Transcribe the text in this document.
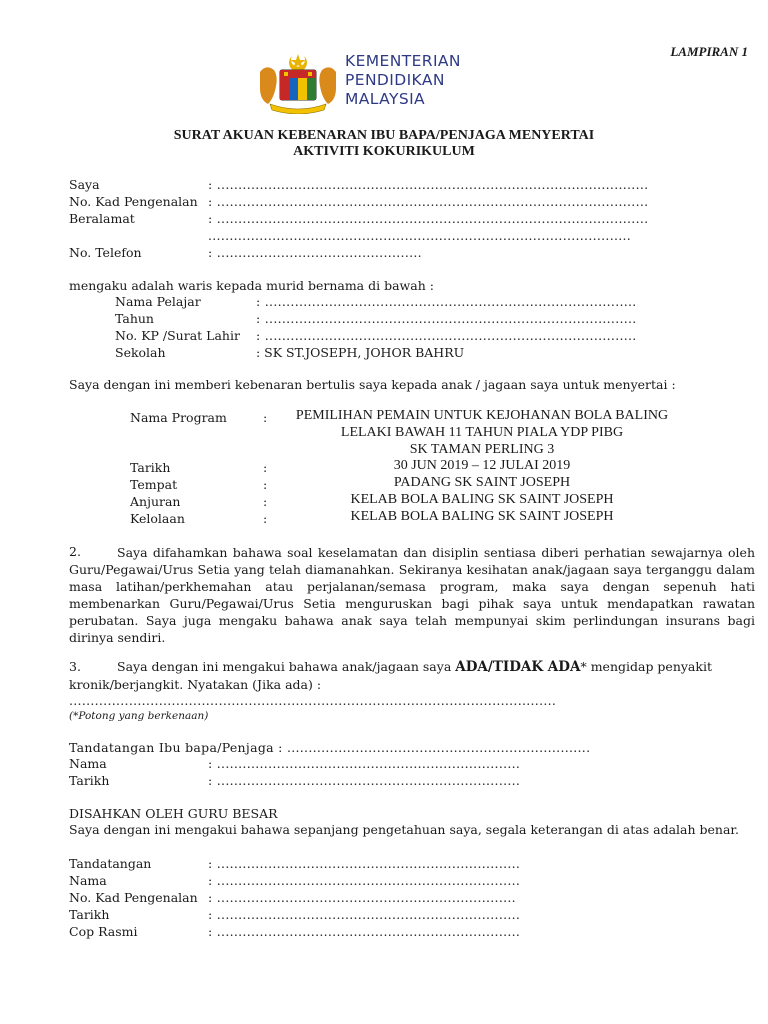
LAMPIRAN 1
KEMENTERIAN
PENDIDIKAN
MALAYSIA
SURAT AKUAN KEBENARAN IBU BAPA/PENJAGA MENYERTAI
AKTIVITI KOKURIKULUM
Saya	: .....................................................................................................
No. Kad Pengenalan : .....................................................................................................
Beralamat	: .....................................................................................................
...................................................................................................
No. Telefon	: ................................................
mengaku adalah waris kepada murid bernama di bawah :
Nama Pelajar	: .......................................................................................
Tahun	: .......................................................................................
No. KP /Surat Lahir : .......................................................................................
Sekolah	: SK ST.JOSEPH, JOHOR BAHRU
Saya dengan ini memberi kebenaran bertulis saya kepada anak / jagaan saya untuk menyertai :
Nama Program	:	PEMILIHAN PEMAIN UNTUK KEJOHANAN BOLA BALING
LELAKI BAWAH 11 TAHUN PIALA YDP PIBG
SK TAMAN PERLING 3
Tarikh	:	30 JUN 2019 – 12 JULAI 2019
Tempat	:	PADANG SK SAINT JOSEPH
Anjuran	:	KELAB BOLA BALING SK SAINT JOSEPH
Kelolaan	:	KELAB BOLA BALING SK SAINT JOSEPH
2.	Saya difahamkan bahawa soal keselamatan dan disiplin sentiasa diberi perhatian sewajarnya oleh Guru/Pegawai/Urus Setia yang telah diamanahkan. Sekiranya kesihatan anak/jagaan saya terganggu dalam masa latihan/perkhemahan atau perjalanan/semasa program, maka saya dengan sepenuh hati membenarkan Guru/Pegawai/Urus Setia menguruskan bagi pihak saya untuk mendapatkan rawatan perubatan. Saya juga mengaku bahawa anak saya telah mempunyai skim perlindungan insurans bagi dirinya sendiri.
3.	Saya dengan ini mengakui bahawa anak/jagaan saya ADA/TIDAK ADA* mengidap penyakit
kronik/berjangkit. Nyatakan (Jika ada) :
..................................................................................................................
(*Potong yang berkenaan)
Tandatangan Ibu bapa/Penjaga : .......................................................................
Nama	: .......................................................................
Tarikh	: .......................................................................
DISAHKAN OLEH GURU BESAR
Saya dengan ini mengakui bahawa sepanjang pengetahuan saya, segala keterangan di atas adalah benar.
Tandatangan	: .......................................................................
Nama	: .......................................................................
No. Kad Pengenalan : ......................................................................
Tarikh	: .......................................................................
Cop Rasmi	: .......................................................................
